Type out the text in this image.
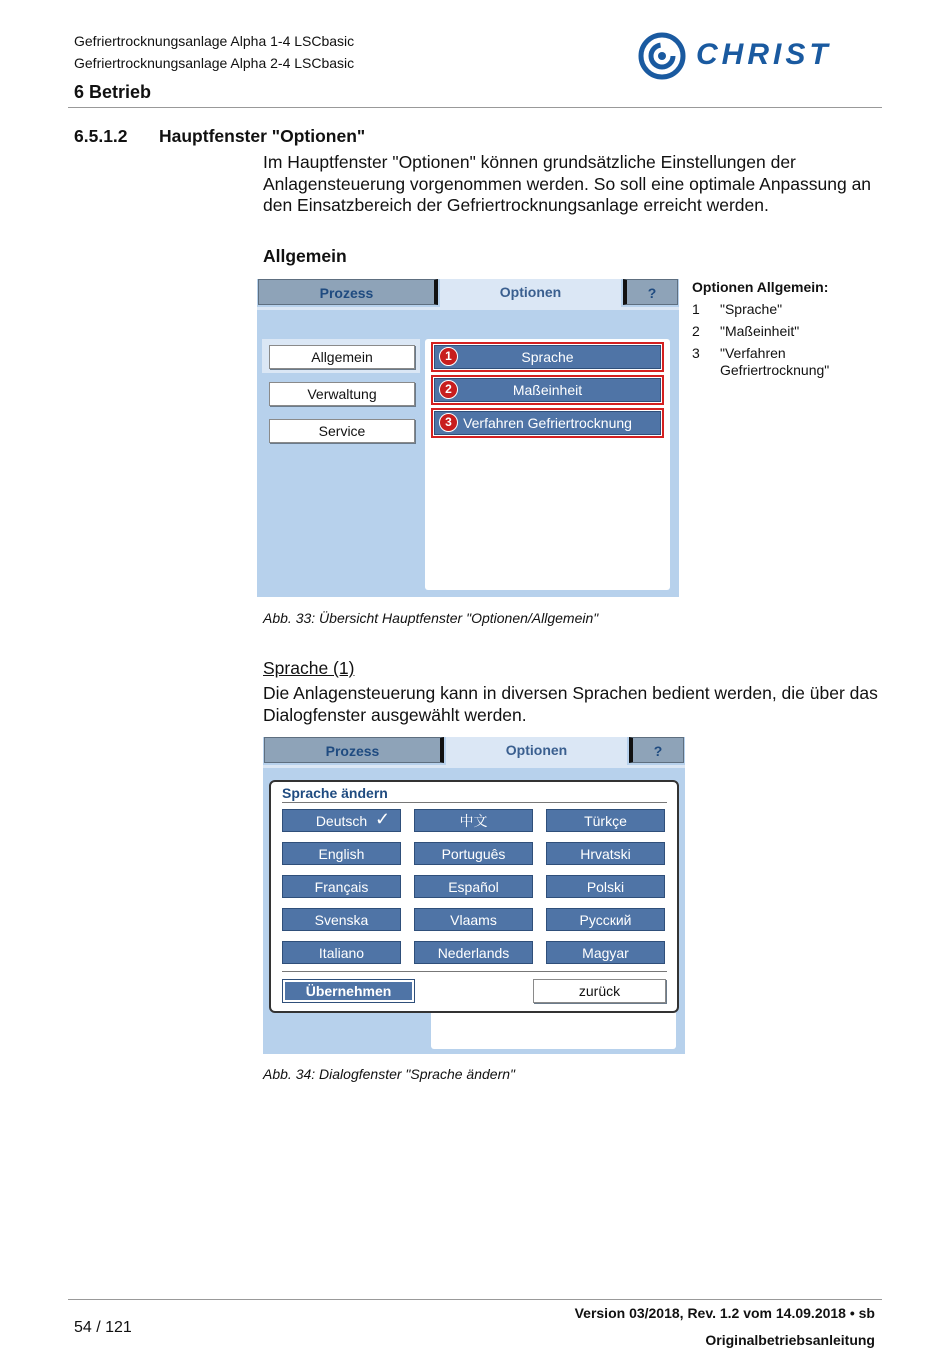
Gefriertrocknungsanlage Alpha 1-4 LSCbasic
Gefriertrocknungsanlage Alpha 2-4 LSCbasic
6 Betrieb
CHRIST
6.5.1.2 Hauptfenster "Optionen"
Im Hauptfenster "Optionen" können grundsätzliche Einstellungen der Anlagensteuerung vorgenommen werden. So soll eine optimale Anpassung an den Einsatzbereich der Gefriertrocknungsanlage erreicht werden.
Allgemein
Prozess	Optionen	?
Allgemein
Verwaltung
Service
Sprache
1
Maßeinheit
2
Verfahren Gefriertrocknung
3
Optionen Allgemein:
1 "Sprache"
2 "Maßeinheit"
3 "Verfahren Gefriertrocknung"
Abb. 33: Übersicht Hauptfenster "Optionen/Allgemein"
Sprache (1)
Die Anlagensteuerung kann in diversen Sprachen bedient werden, die über das Dialogfenster ausgewählt werden.
Prozess	Optionen	?
Sprache ändern
Deutsch ✓	中文	Türkçe
English	Português	Hrvatski
Français	Español	Polski
Svenska	Vlaams	Русский
Italiano	Nederlands	Magyar
Übernehmen	zurück
Abb. 34: Dialogfenster "Sprache ändern"
54 / 121
Version 03/2018, Rev. 1.2 vom 14.09.2018 • sb
Originalbetriebsanleitung
